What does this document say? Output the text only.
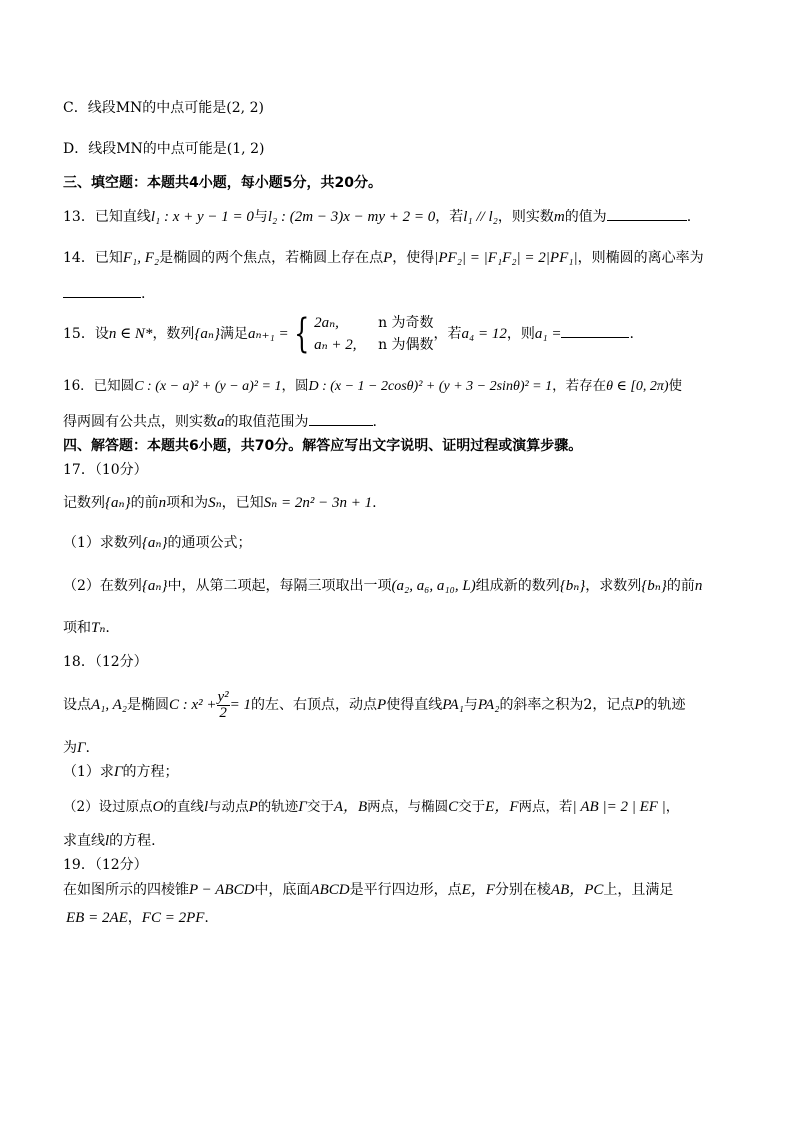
C．线段MN的中点可能是(2, 2)
D．线段MN的中点可能是(1, 2)
三、填空题：本题共4小题，每小题5分，共20分。
13．已知直线l₁ : x + y − 1 = 0与l₂ : (2m − 3)x − my + 2 = 0，若l₁ // l₂，则实数m的值为	.
14．已知F₁, F₂是椭圆的两个焦点，若椭圆上存在点P，使得|PF₂| = |F₁F₂| = 2|PF₁|，则椭圆的离心率为
.
15．设n ∈ N*，数列{aₙ}满足aₙ₊₁ = { 2aₙ,	n 为奇数
aₙ + 2, n 为偶数
，若a₄ = 12，则a₁ =	.
16．已知圆C : (x − a)² + (y − a)² = 1，圆D : (x − 1 − 2cosθ)² + (y + 3 − 2sinθ)² = 1，若存在θ ∈ [0, 2π)使
得两圆有公共点，则实数a的取值范围为	.
四、解答题：本题共6小题，共70分。解答应写出文字说明、证明过程或演算步骤。
17．（10分）
记数列{aₙ}的前n项和为Sₙ，已知Sₙ = 2n² − 3n + 1.
（1）求数列{aₙ}的通项公式；
（2）在数列{aₙ}中，从第二项起，每隔三项取出一项(a₂, a₆, a₁₀, L)组成新的数列{bₙ}，求数列{bₙ}的前n
项和Tₙ.
18．（12分）
设点A₁, A₂是椭圆C : $x^2 + \frac{\text{y²}}{2} = 1$的左、右顶点，动点P使得直线PA₁与PA₂的斜率之积为2，记点P的轨迹
为Γ.
（1）求Γ的方程；
（2）设过原点O的直线l与动点P的轨迹Γ交于A，B两点，与椭圆C交于E，F两点，若| AB |= 2 | EF |，
求直线l的方程.
19．（12分）
在如图所示的四棱锥P − ABCD中，底面ABCD是平行四边形，点E，F分别在棱AB，PC上，且满足
EB = 2AE，FC = 2PF.
